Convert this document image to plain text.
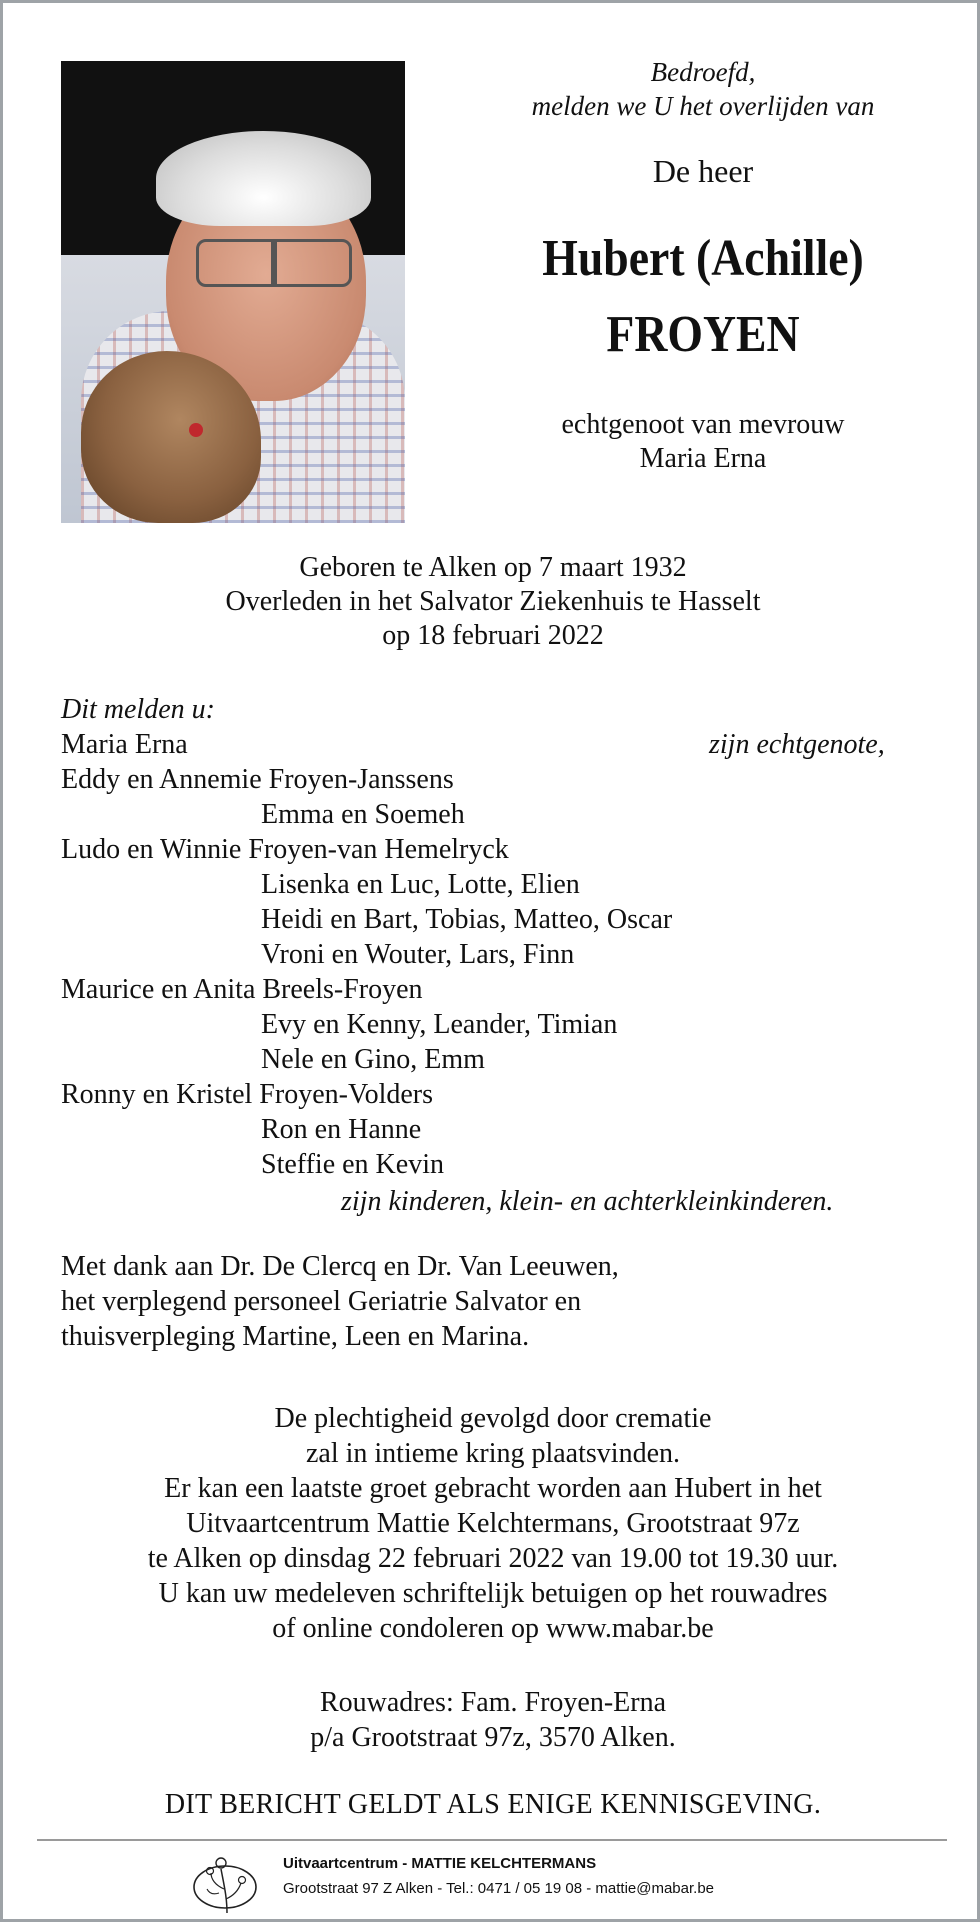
Bedroefd,
melden we U het overlijden van
De heer
Hubert (Achille)
FROYEN
echtgenoot van mevrouw
Maria Erna
Geboren te Alken op 7 maart 1932
Overleden in het Salvator Ziekenhuis te Hasselt
op 18 februari 2022
Dit melden u:
Maria Erna	zijn echtgenote,
Eddy en Annemie Froyen-Janssens
Emma en Soemeh
Ludo en Winnie Froyen-van Hemelryck
Lisenka en Luc, Lotte, Elien
Heidi en Bart, Tobias, Matteo, Oscar
Vroni en Wouter, Lars, Finn
Maurice en Anita Breels-Froyen
Evy en Kenny, Leander, Timian
Nele en Gino, Emm
Ronny en Kristel Froyen-Volders
Ron en Hanne
Steffie en Kevin
zijn kinderen, klein- en achterkleinkinderen.
Met dank aan Dr. De Clercq en Dr. Van Leeuwen,
het verplegend personeel Geriatrie Salvator en
thuisverpleging Martine, Leen en Marina.
De plechtigheid gevolgd door crematie
zal in intieme kring plaatsvinden.
Er kan een laatste groet gebracht worden aan Hubert in het
Uitvaartcentrum Mattie Kelchtermans, Grootstraat 97z
te Alken op dinsdag 22 februari 2022 van 19.00 tot 19.30 uur.
U kan uw medeleven schriftelijk betuigen op het rouwadres
of online condoleren op www.mabar.be
Rouwadres: Fam. Froyen-Erna
p/a Grootstraat 97z, 3570 Alken.
DIT BERICHT GELDT ALS ENIGE KENNISGEVING.
Uitvaartcentrum - MATTIE KELCHTERMANS
Grootstraat 97 Z Alken - Tel.: 0471 / 05 19 08 - mattie@mabar.be
